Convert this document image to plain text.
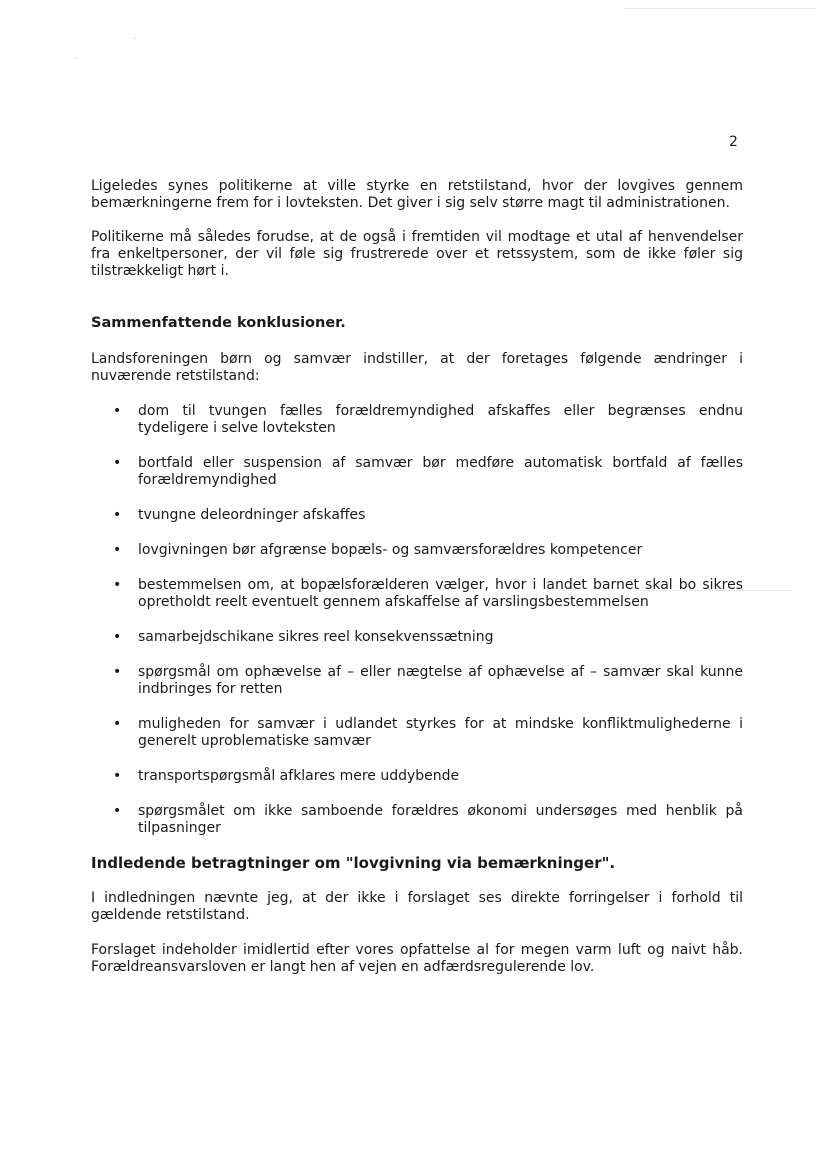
2

Ligeledes synes politikerne at ville styrke en retstilstand, hvor der lovgives gennem bemærkningerne frem for i lovteksten. Det giver i sig selv større magt til administrationen.

Politikerne må således forudse, at de også i fremtiden vil modtage et utal af henvendelser fra enkeltpersoner, der vil føle sig frustrerede over et retssystem, som de ikke føler sig tilstrækkeligt hørt i.

Sammenfattende konklusioner.

Landsforeningen børn og samvær indstiller, at der foretages følgende ændringer i nuværende retstilstand:

• dom til tvungen fælles forældremyndighed afskaffes eller begrænses endnu tydeligere i selve lovteksten
• bortfald eller suspension af samvær bør medføre automatisk bortfald af fælles forældremyndighed
• tvungne deleordninger afskaffes
• lovgivningen bør afgrænse bopæls- og samværsforældres kompetencer
• bestemmelsen om, at bopælsforælderen vælger, hvor i landet barnet skal bo sikres opretholdt reelt eventuelt gennem afskaffelse af varslingsbestemmelsen
• samarbejdschikane sikres reel konsekvenssætning
• spørgsmål om ophævelse af – eller nægtelse af ophævelse af – samvær skal kunne indbringes for retten
• muligheden for samvær i udlandet styrkes for at mindske konfliktmulighederne i generelt uproblematiske samvær
• transportspørgsmål afklares mere uddybende
• spørgsmålet om ikke samboende forældres økonomi undersøges med henblik på tilpasninger

Indledende betragtninger om "lovgivning via bemærkninger".

I indledningen nævnte jeg, at der ikke i forslaget ses direkte forringelser i forhold til gældende retstilstand.

Forslaget indeholder imidlertid efter vores opfattelse al for megen varm luft og naivt håb. Forældreansvarsloven er langt hen af vejen en adfærdsregulerende lov.
